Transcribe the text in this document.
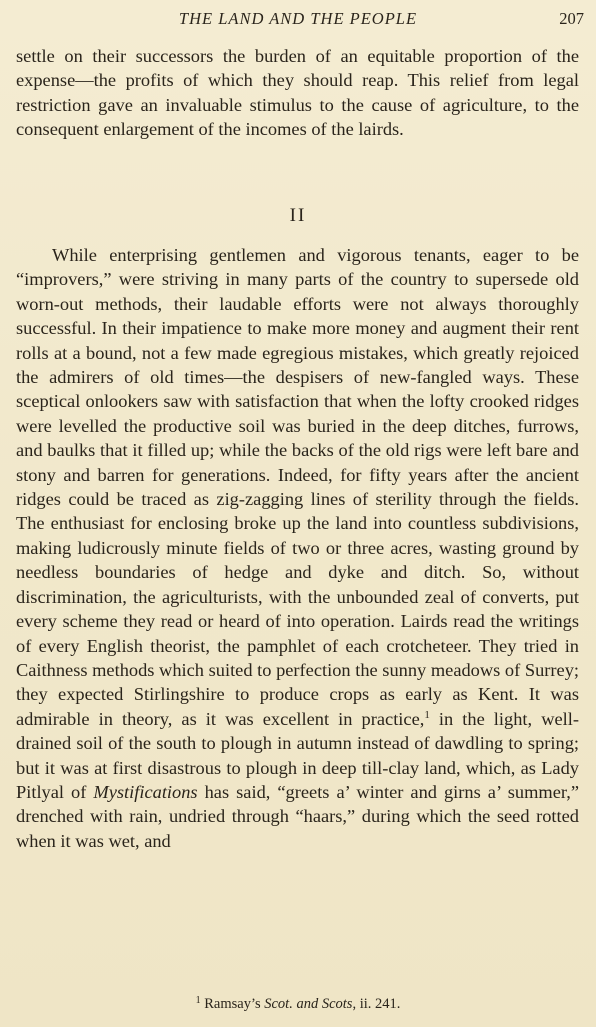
THE LAND AND THE PEOPLE	207

settle on their successors the burden of an equitable proportion of the expense—the profits of which they should reap. This relief from legal restriction gave an invaluable stimulus to the cause of agriculture, to the consequent enlargement of the incomes of the lairds.

II

While enterprising gentlemen and vigorous tenants, eager to be “improvers,” were striving in many parts of the country to supersede old worn-out methods, their laudable efforts were not always thoroughly successful. In their impatience to make more money and augment their rent rolls at a bound, not a few made egregious mistakes, which greatly rejoiced the admirers of old times—the despisers of new-fangled ways. These sceptical onlookers saw with satisfaction that when the lofty crooked ridges were levelled the productive soil was buried in the deep ditches, furrows, and baulks that it filled up; while the backs of the old rigs were left bare and stony and barren for generations. Indeed, for fifty years after the ancient ridges could be traced as zig-zagging lines of sterility through the fields. The enthusiast for enclosing broke up the land into countless subdivisions, making ludicrously minute fields of two or three acres, wasting ground by needless boundaries of hedge and dyke and ditch. So, without discrimination, the agriculturists, with the unbounded zeal of converts, put every scheme they read or heard of into operation. Lairds read the writings of every English theorist, the pamphlet of each crotcheteer. They tried in Caithness methods which suited to perfection the sunny meadows of Surrey; they expected Stirlingshire to produce crops as early as Kent. It was admirable in theory, as it was excellent in practice,$^1$ in the light, well-drained soil of the south to plough in autumn instead of dawdling to spring; but it was at first disastrous to plough in deep till-clay land, which, as Lady Pitlyal of Mystifications has said, “greets a’ winter and girns a’ summer,” drenched with rain, undried through “haars,” during which the seed rotted when it was wet, and

$^1$ Ramsay’s Scot. and Scots, ii. 241.
